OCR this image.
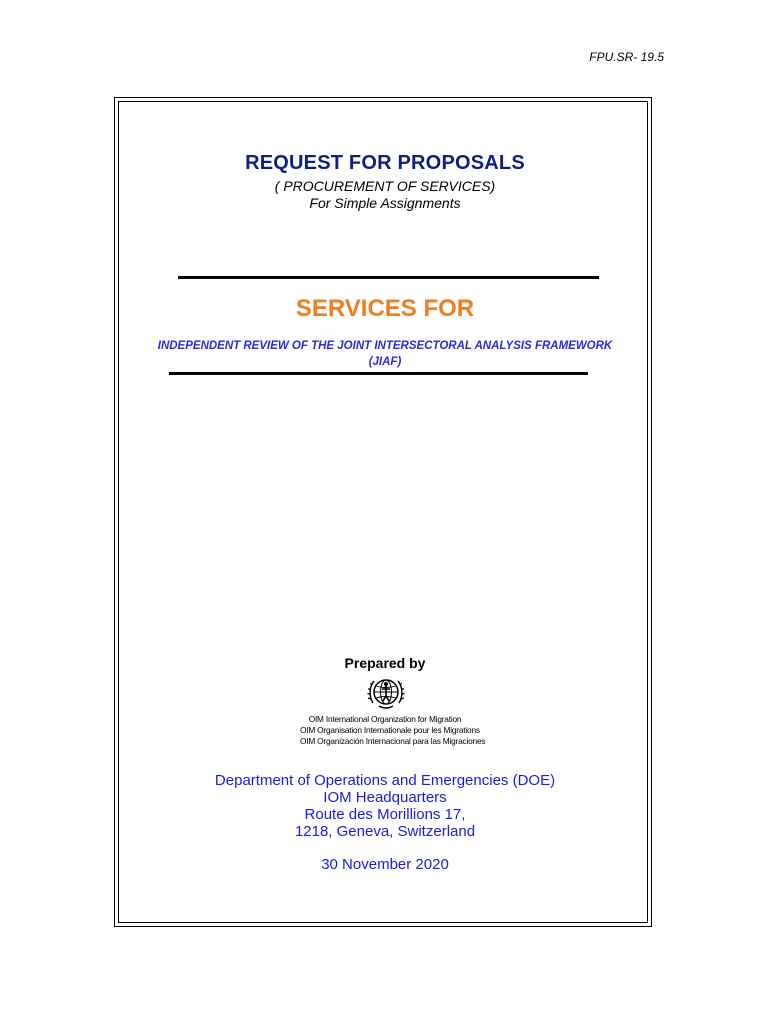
FPU.SR- 19.5
REQUEST FOR PROPOSALS
( PROCUREMENT OF SERVICES)
For Simple Assignments
SERVICES FOR
INDEPENDENT REVIEW OF THE JOINT INTERSECTORAL ANALYSIS FRAMEWORK
(JIAF)
Prepared by
OIM International Organization for Migration
OIM Organisation Internationale pour les Migrations
OIM Organización Internacional para las Migraciones
Department of Operations and Emergencies (DOE)
IOM Headquarters
Route des Morillions 17,
1218, Geneva, Switzerland
30 November 2020
